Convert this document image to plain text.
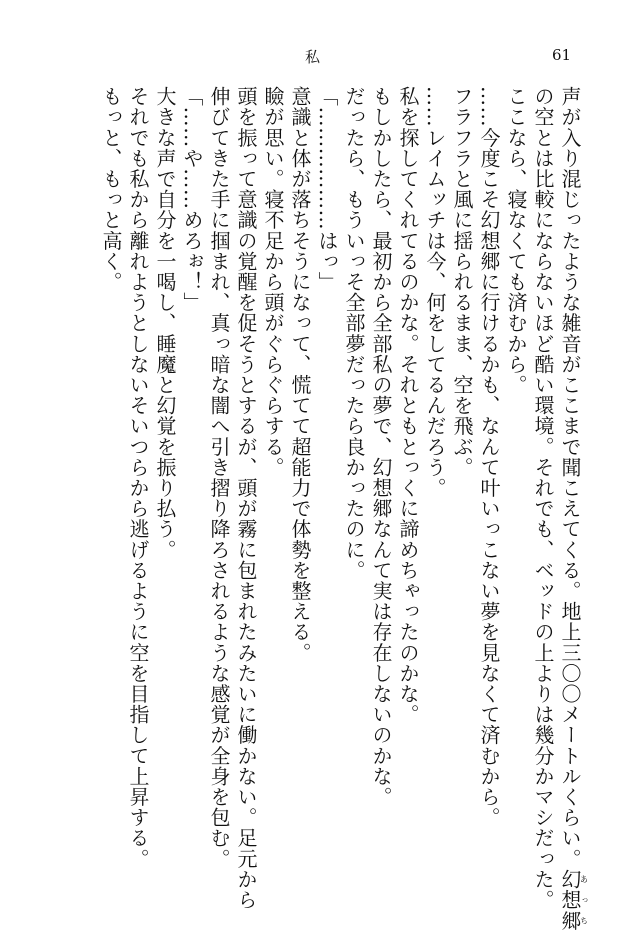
私	61
声が入り混じったような雑音がここまで聞こえてくる。地上三〇〇メートルくらい。幻想郷あっち
の空とは比較にならないほど酷い環境。それでも、ベッドの上よりは幾分かマシだった。
ここなら、寝なくても済むから。
……今度こそ幻想郷に行けるかも、なんて叶いっこない夢を見なくて済むから。
フラフラと風に揺られるまま、空を飛ぶ。
……レイムッチは今、何をしてるんだろう。
私を探してくれてるのかな。それともとっくに諦めちゃったのかな。
もしかしたら、最初から全部私の夢で、幻想郷なんて実は存在しないのかな。
だったら、もういっそ全部夢だったら良かったのに。
「………………はっ」
意識と体が落ちそうになって、慌てて超能力で体勢を整える。
瞼が思い。寝不足から頭がぐらぐらする。
頭を振って意識の覚醒を促そうとするが、頭が霧に包まれたみたいに働かない。足元から
伸びてきた手に掴まれ、真っ暗な闇へ引き摺り降ろされるような感覚が全身を包む。
「……や……めろぉ！」
大きな声で自分を一喝し、睡魔と幻覚を振り払う。
それでも私から離れようとしないそいつらから逃げるように空を目指して上昇する。
もっと、もっと高く。
